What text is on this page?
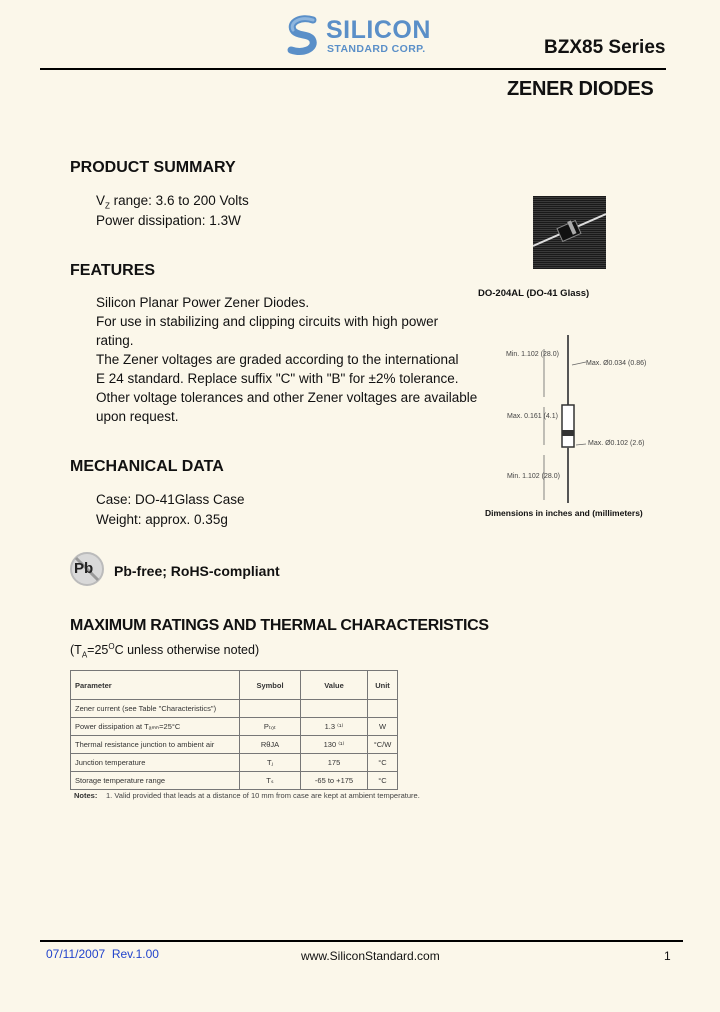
SILICON
STANDARD CORP.	BZX85 Series
ZENER DIODES
PRODUCT SUMMARY
$V_Z$ range: 3.6 to 200 Volts
Power dissipation: 1.3W
FEATURES
Silicon Planar Power Zener Diodes.
For use in stabilizing and clipping circuits with high power
rating.
The Zener voltages are graded according to the international
E 24 standard. Replace suffix "C" with "B" for ±2% tolerance.
Other voltage tolerances and other Zener voltages are available
upon request.
MECHANICAL DATA
Case: DO-41Glass Case
Weight: approx. 0.35g
Pb Pb-free; RoHS-compliant
DO-204AL (DO-41 Glass)
Min. 1.102 (28.0)
Max. Ø0.034 (0.86)
Max. 0.161 (4.1)
Max. Ø0.102 (2.6)
Min. 1.102 (28.0)
Dimensions in inches and (millimeters)
MAXIMUM RATINGS AND THERMAL CHARACTERISTICS
($T_A=25^OC$ unless otherwise noted)
Parameter	Symbol	Value	Unit
Zener current (see Table "Characteristics")			
Power dissipation at Tₐₘₕ=25°C	Pₜₒₜ	1.3 ⁽¹⁾	W
Thermal resistance junction to ambient air	RθJA	130 ⁽¹⁾	°C/W
Junction temperature	Tⱼ	175	°C
Storage temperature range	Tₛ	-65 to +175	°C
Notes: 1. Valid provided that leads at a distance of 10 mm from case are kept at ambient temperature.
07/11/2007  Rev.1.00	www.SiliconStandard.com	1
